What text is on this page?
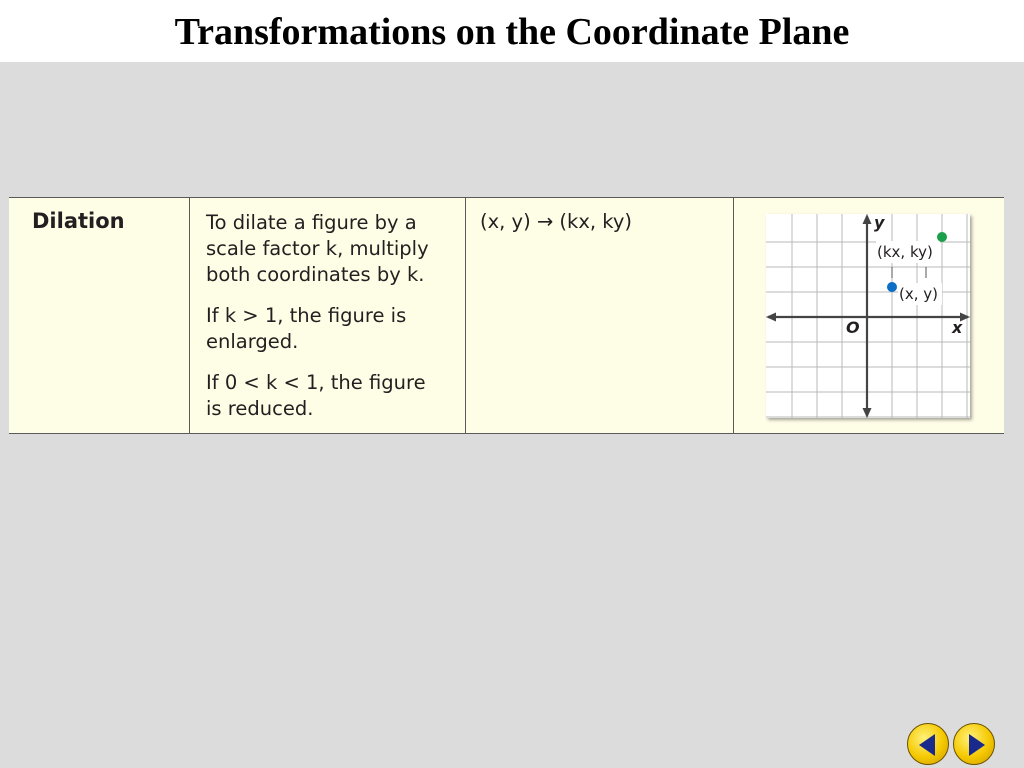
Transformations on the Coordinate Plane
Dilation	To dilate a figure by a
scale factor k, multiply
both coordinates by k.

If k > 1, the figure is
enlarged.

If 0 < k < 1, the figure
is reduced.

(x, y) → (kx, ky)	y
x
O
(kx, ky)
(x, y)
